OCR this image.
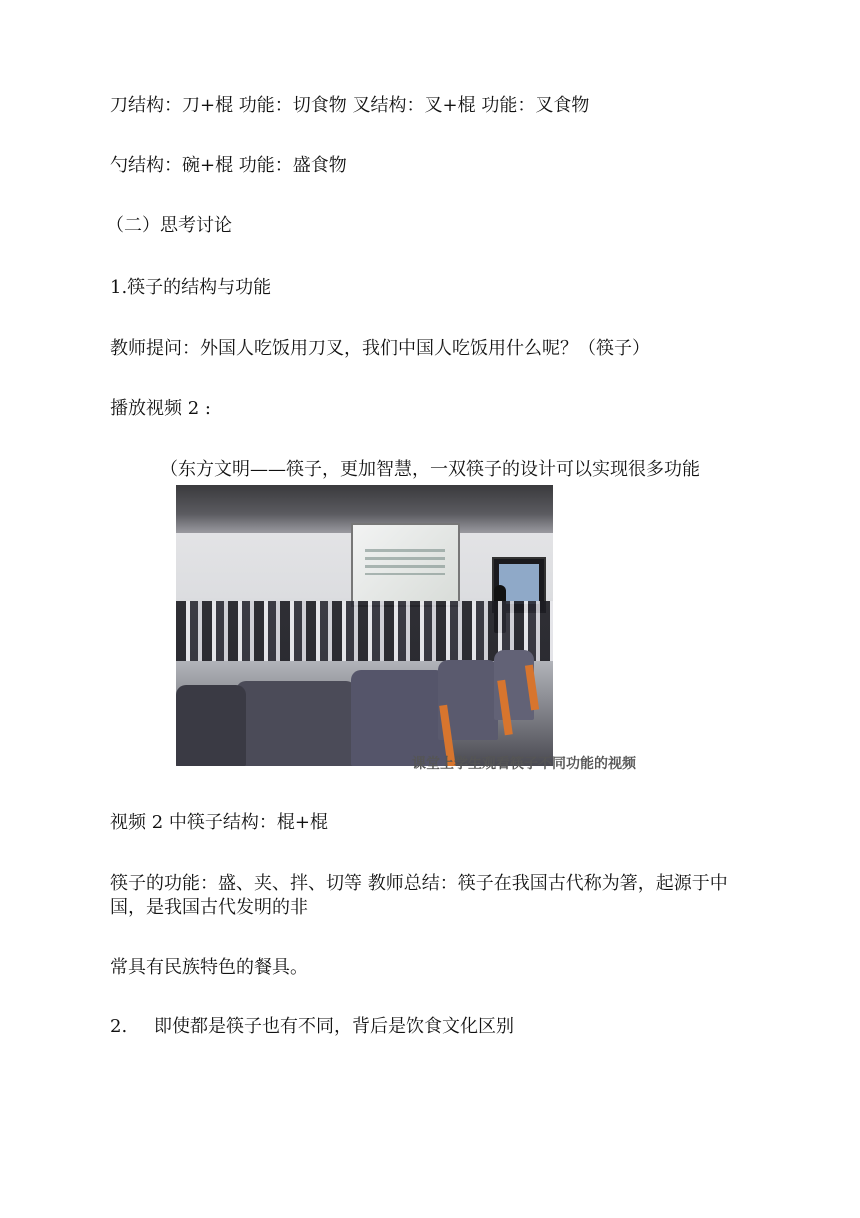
刀结构：刀+棍 功能：切食物 叉结构：叉+棍 功能：叉食物
勺结构：碗+棍 功能：盛食物
（二）思考讨论
1.筷子的结构与功能
教师提问：外国人吃饭用刀叉，我们中国人吃饭用什么呢？（筷子）
播放视频 2 :
（东方文明——筷子，更加智慧，一双筷子的设计可以实现很多功能
课堂上学生观看筷子不同功能的视频
视频 2 中筷子结构：棍+棍
筷子的功能：盛、夹、拌、切等 教师总结：筷子在我国古代称为箸，起源于中国，是我国古代发明的非
常具有民族特色的餐具。
2. 即使都是筷子也有不同，背后是饮食文化区别
